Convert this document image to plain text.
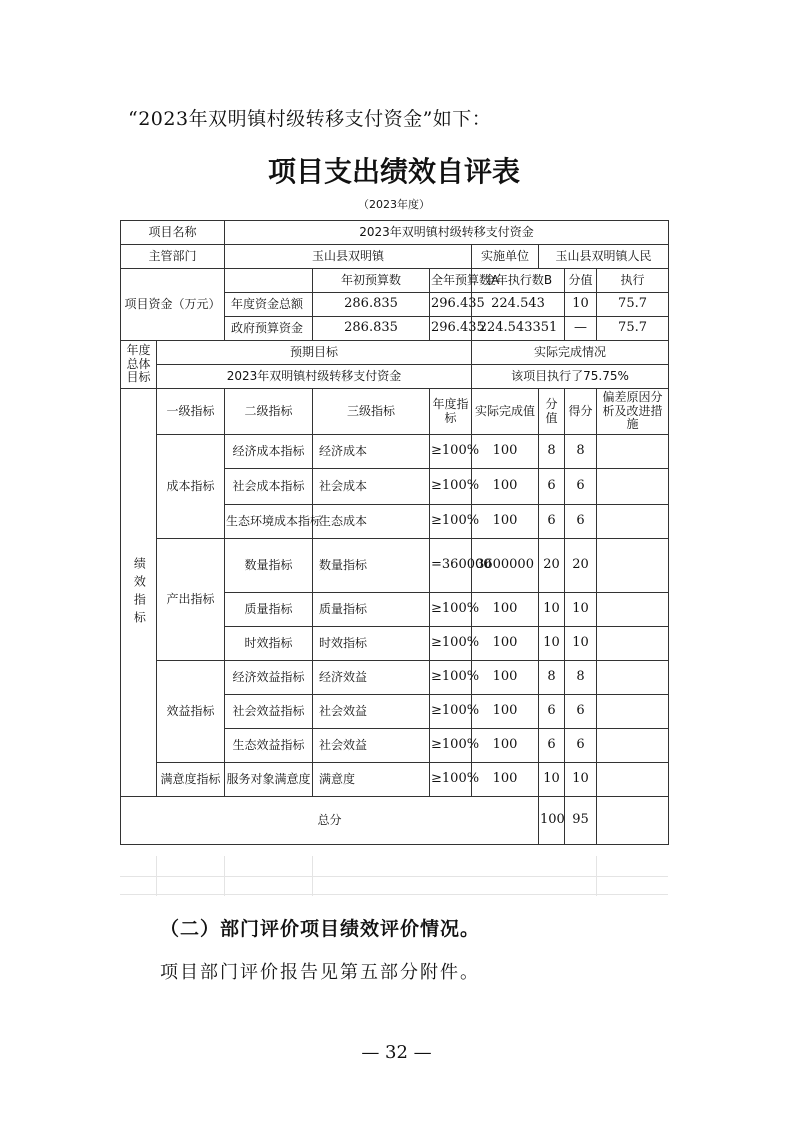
“2023年双明镇村级转移支付资金”如下：
项目支出绩效自评表
（2023年度）
项目名称		2023年双明镇村级转移支付资金							
主管部门		玉山县双明镇			实施单位	玉山县双明镇人民			
项目资金（万元）			年初预算数	全年预算数A	全年执行数B		分值	执行	
		年度资金总额	286.835	296.435	224.543		10	75.7	
		政府预算资金	286.835	296.435	224.543351		—	75.7	
年度总体目标	预期目标				实际完成情况				
	2023年双明镇村级转移支付资金				该项目执行了75.75%				
绩效指标	一级指标	二级指标	三级指标	年度指标	实际完成值	分值	得分	偏差原因分析及改进措施	
	成本指标	经济成本指标	经济成本	≥100%	100	8	8		
		社会成本指标	社会成本	≥100%	100	6	6		
		生态环境成本指标	生态成本	≥100%	100	6	6		
	产出指标	数量指标	数量指标	=360000	3600000	20	20		
		质量指标	质量指标	≥100%	100	10	10		
		时效指标	时效指标	≥100%	100	10	10		
	效益指标	经济效益指标	经济效益	≥100%	100	8	8		
		社会效益指标	社会效益	≥100%	100	6	6		
		生态效益指标	社会效益	≥100%	100	6	6		
	满意度指标	服务对象满意度	满意度	≥100%	100	10	10		
总分						100	95		
（二）部门评价项目绩效评价情况。
项目部门评价报告见第五部分附件。
— 32 —
